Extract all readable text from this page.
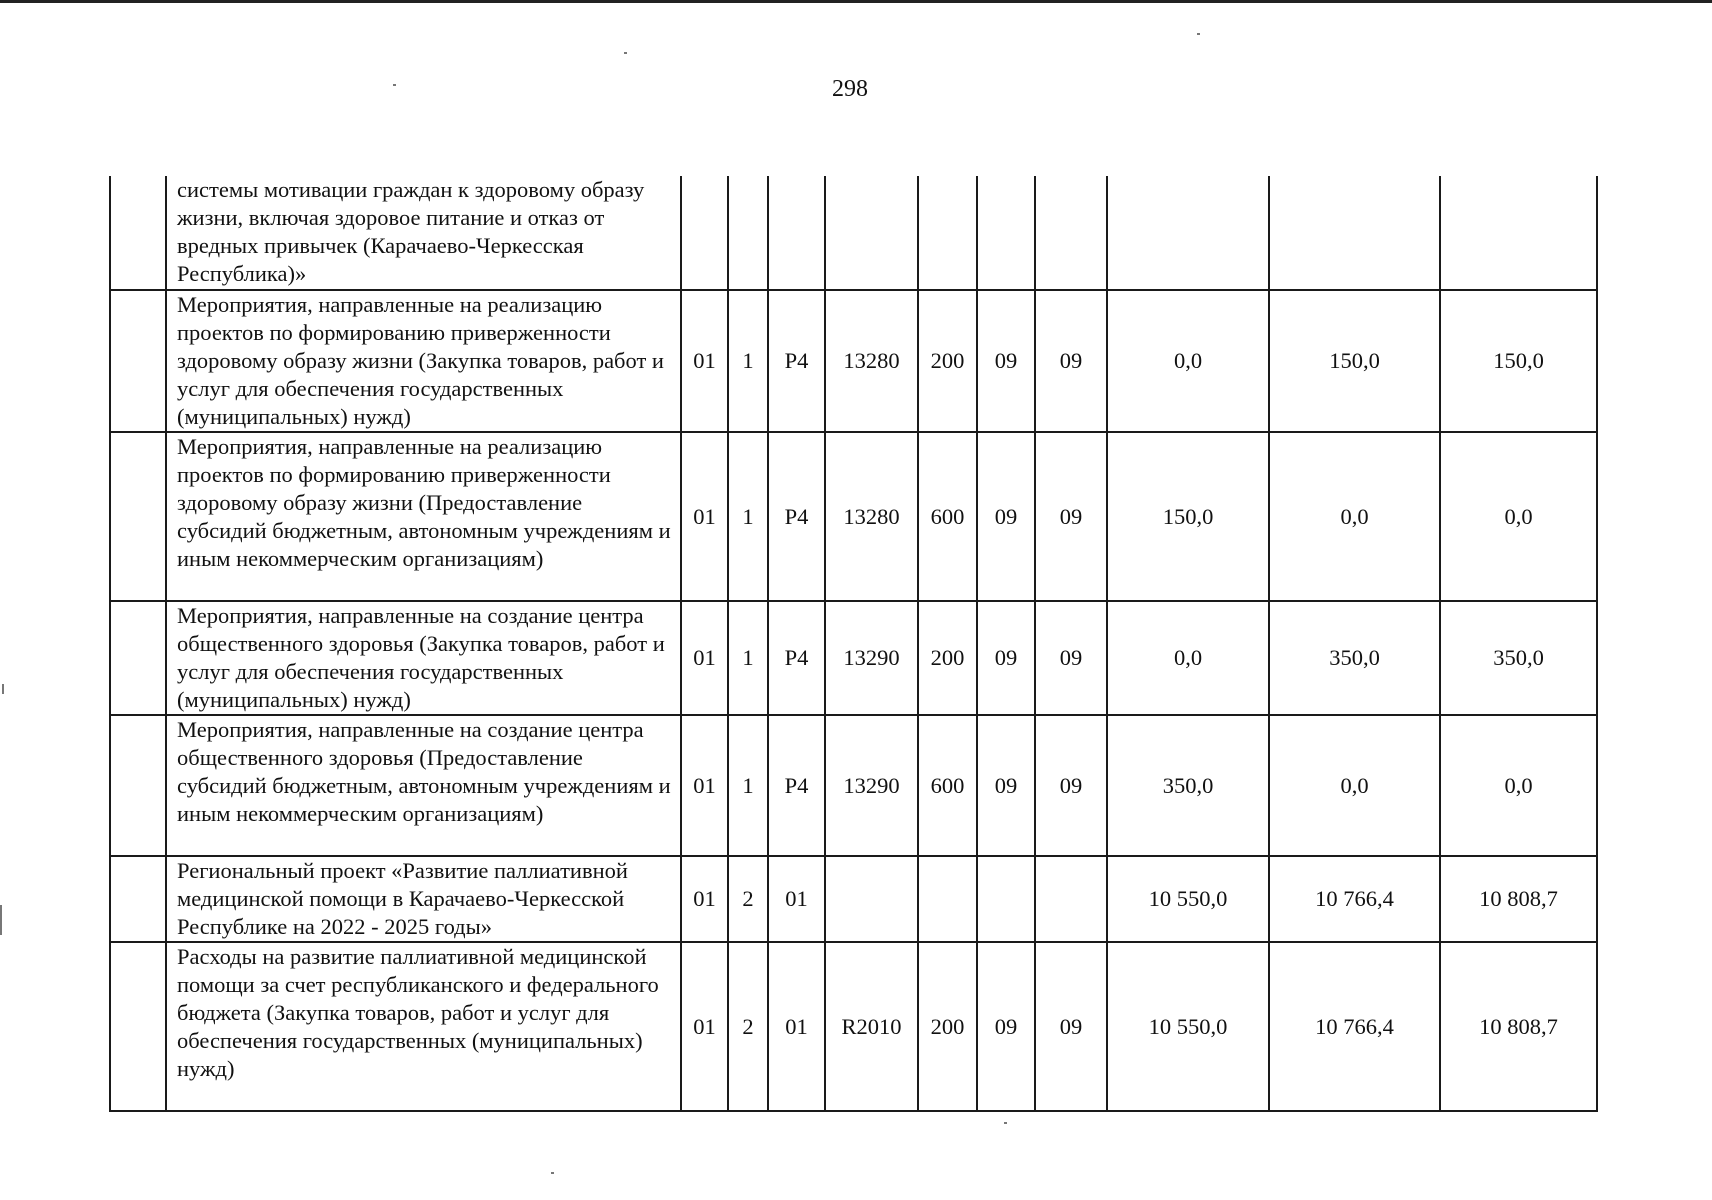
298
	системы мотивации граждан к здоровому образу жизни, включая здоровое питание и отказ от вредных привычек (Карачаево-Черкесская Республика)»										
	Мероприятия, направленные на реализацию проектов по формированию приверженности здоровому образу жизни (Закупка товаров, работ и услуг для обеспечения государственных (муниципальных) нужд)	01	1	P4	13280	200	09	09	0,0	150,0	150,0
	Мероприятия, направленные на реализацию проектов по формированию приверженности здоровому образу жизни (Предоставление субсидий бюджетным, автономным учреждениям и иным некоммерческим организациям)	01	1	P4	13280	600	09	09	150,0	0,0	0,0
	Мероприятия, направленные на создание центра общественного здоровья (Закупка товаров, работ и услуг для обеспечения государственных (муниципальных) нужд)	01	1	P4	13290	200	09	09	0,0	350,0	350,0
	Мероприятия, направленные на создание центра общественного здоровья (Предоставление субсидий бюджетным, автономным учреждениям и иным некоммерческим организациям)	01	1	P4	13290	600	09	09	350,0	0,0	0,0
	Региональный проект «Развитие паллиативной медицинской помощи в Карачаево-Черкесской Республике на 2022 - 2025 годы»	01	2	01					10 550,0	10 766,4	10 808,7
	Расходы на развитие паллиативной медицинской помощи за счет республиканского и федерального бюджета (Закупка товаров, работ и услуг для обеспечения государственных (муниципальных) нужд)	01	2	01	R2010	200	09	09	10 550,0	10 766,4	10 808,7
